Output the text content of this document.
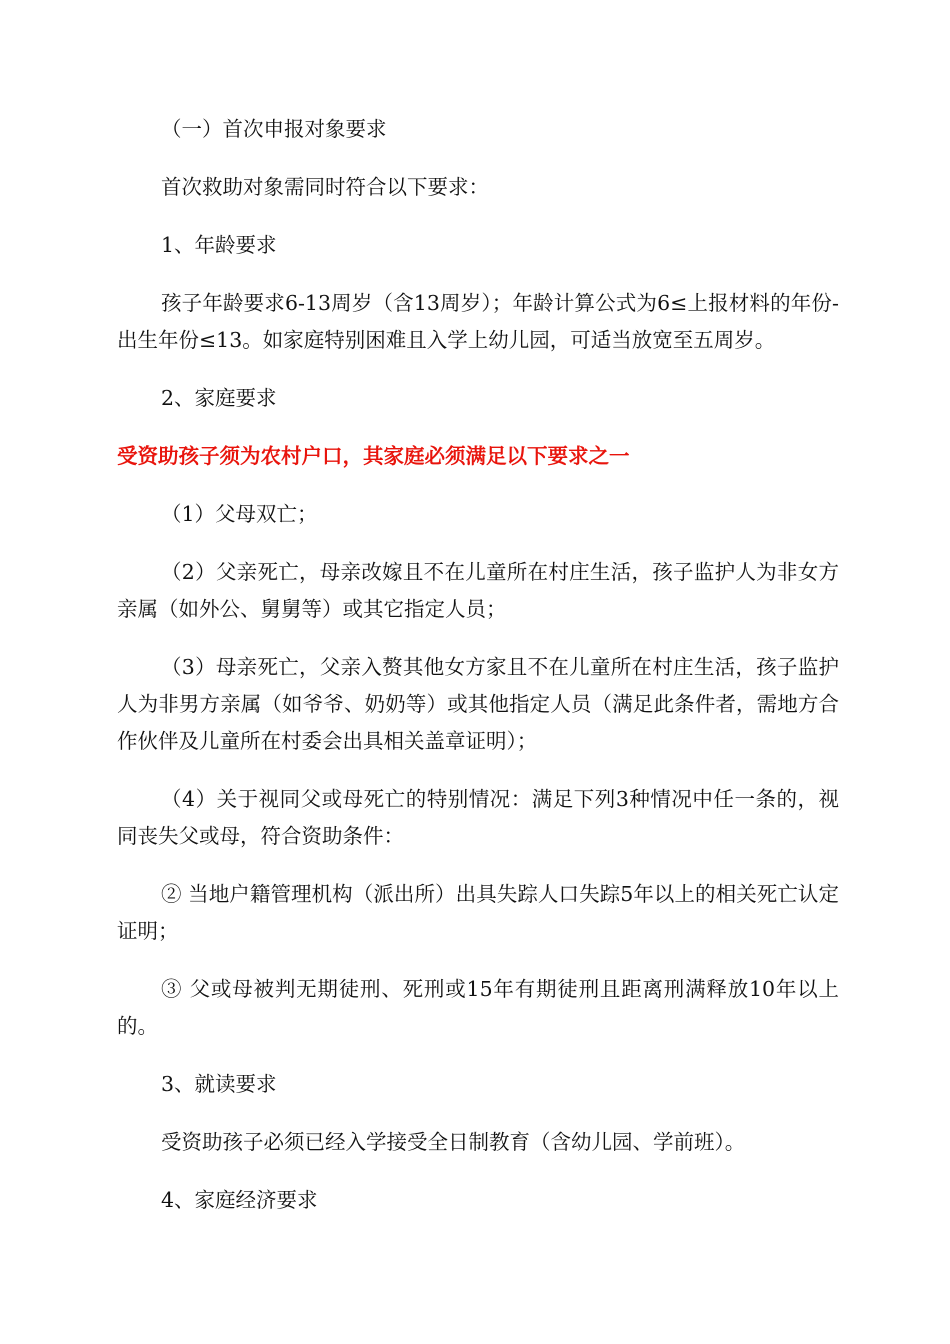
（一）首次申报对象要求

首次救助对象需同时符合以下要求：

1、年龄要求

孩子年龄要求6-13周岁（含13周岁）；年龄计算公式为6≤上报材料的年份-出生年份≤13。如家庭特别困难且入学上幼儿园，可适当放宽至五周岁。

2、家庭要求

受资助孩子须为农村户口，其家庭必须满足以下要求之一

（1）父母双亡；

（2）父亲死亡，母亲改嫁且不在儿童所在村庄生活，孩子监护人为非女方亲属（如外公、舅舅等）或其它指定人员；

（3）母亲死亡，父亲入赘其他女方家且不在儿童所在村庄生活，孩子监护人为非男方亲属（如爷爷、奶奶等）或其他指定人员（满足此条件者，需地方合作伙伴及儿童所在村委会出具相关盖章证明）；

（4）关于视同父或母死亡的特别情况：满足下列3种情况中任一条的，视同丧失父或母，符合资助条件：

② 当地户籍管理机构（派出所）出具失踪人口失踪5年以上的相关死亡认定证明；

③ 父或母被判无期徒刑、死刑或15年有期徒刑且距离刑满释放10年以上的。

3、就读要求

受资助孩子必须已经入学接受全日制教育（含幼儿园、学前班）。

4、家庭经济要求
